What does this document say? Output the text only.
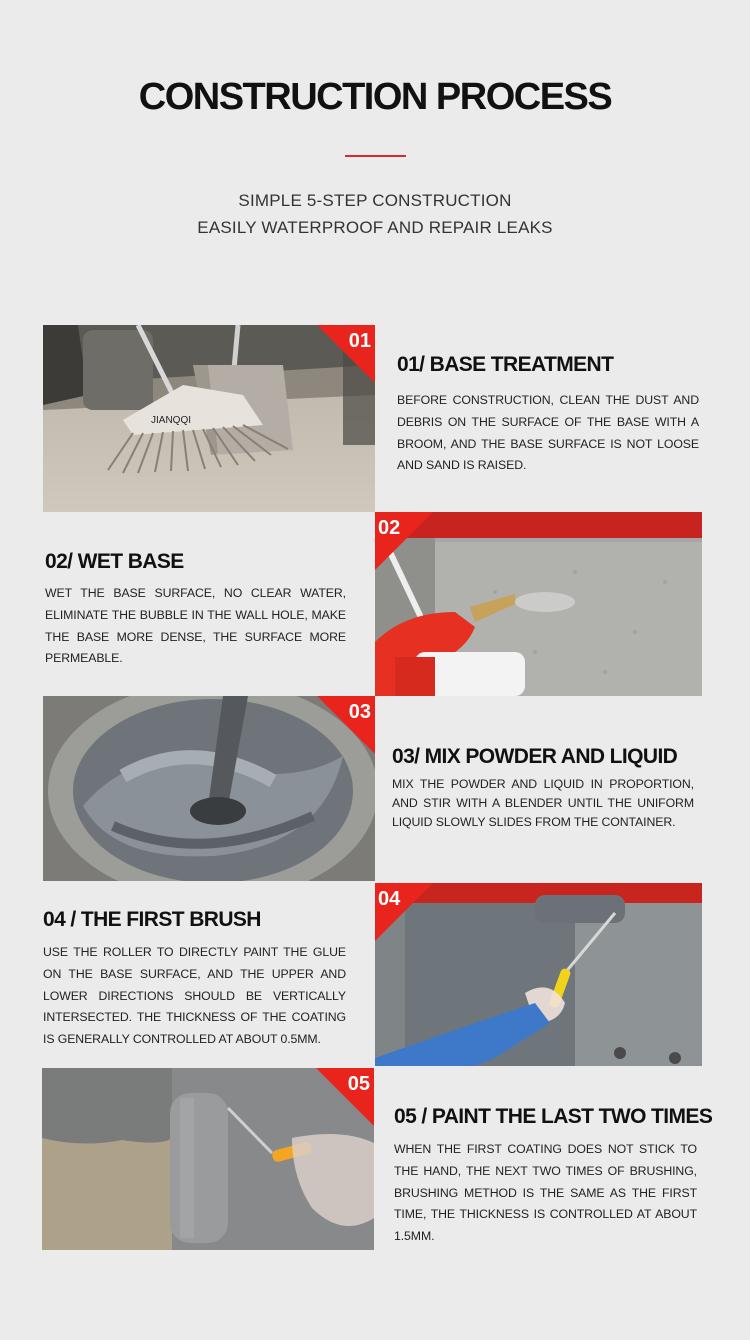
CONSTRUCTION PROCESS
SIMPLE 5-STEP CONSTRUCTION
EASILY WATERPROOF AND REPAIR LEAKS
JIANQQI
01
01/ BASE TREATMENT
BEFORE CONSTRUCTION, CLEAN THE DUST AND DEBRIS ON THE SURFACE OF THE BASE WITH A BROOM, AND THE BASE SURFACE IS NOT LOOSE AND SAND IS RAISED.
02/ WET BASE
WET THE BASE SURFACE, NO CLEAR WATER, ELIMINATE THE BUBBLE IN THE WALL HOLE, MAKE THE BASE MORE DENSE, THE SURFACE MORE PERMEABLE.
02
03
03/ MIX POWDER AND LIQUID
MIX THE POWDER AND LIQUID IN PROPORTION, AND STIR WITH A BLENDER UNTIL THE UNIFORM LIQUID SLOWLY SLIDES FROM THE CONTAINER.
04 / THE FIRST BRUSH
USE THE ROLLER TO DIRECTLY PAINT THE GLUE ON THE BASE SURFACE, AND THE UPPER AND LOWER DIRECTIONS SHOULD BE VERTICALLY INTERSECTED. THE THICKNESS OF THE COATING IS GENERALLY CONTROLLED AT ABOUT 0.5MM.
04
05
05 / PAINT THE LAST TWO TIMES
WHEN THE FIRST COATING DOES NOT STICK TO THE HAND, THE NEXT TWO TIMES OF BRUSHING, BRUSHING METHOD IS THE SAME AS THE FIRST TIME, THE THICKNESS IS CONTROLLED AT ABOUT 1.5MM.
